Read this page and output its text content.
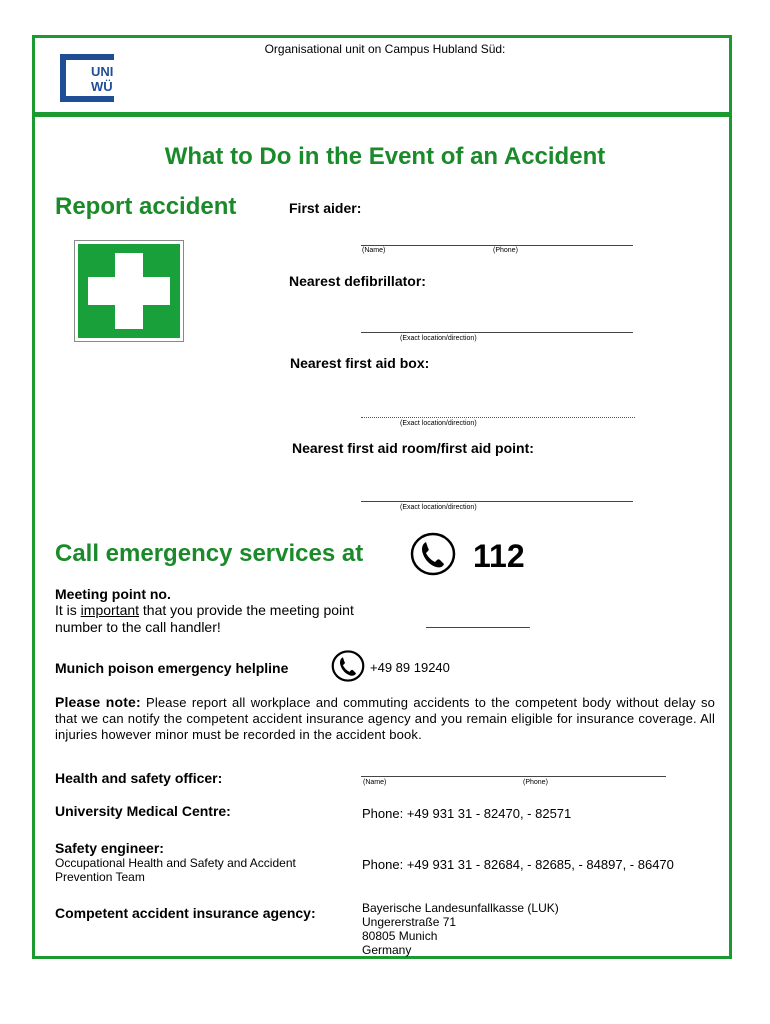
Organisational unit on Campus Hubland Süd:
UNI
WÜ
What to Do in the Event of an Accident
Report accident	First aider:
(Name)	(Phone)
Nearest defibrillator:
(Exact location/direction)
Nearest first aid box:
(Exact location/direction)
Nearest first aid room/first aid point:
(Exact location/direction)
Call emergency services at	112
Meeting point no.
It is important that you provide the meeting point
number to the call handler!
Munich poison emergency helpline	+49 89 19240
Please note: Please report all workplace and commuting accidents to the competent body without delay so that we can notify the competent accident insurance agency and you remain eligible for insurance coverage. All injuries however minor must be recorded in the accident book.
Health and safety officer:	(Name)	(Phone)
University Medical Centre:	Phone: +49 931 31 - 82470, - 82571
Safety engineer:
Occupational Health and Safety and Accident
Prevention Team
Phone: +49 931 31 - 82684, - 82685, - 84897, - 86470
Competent accident insurance agency:	Bayerische Landesunfallkasse (LUK)
Ungererstraße 71
80805 Munich
Germany
